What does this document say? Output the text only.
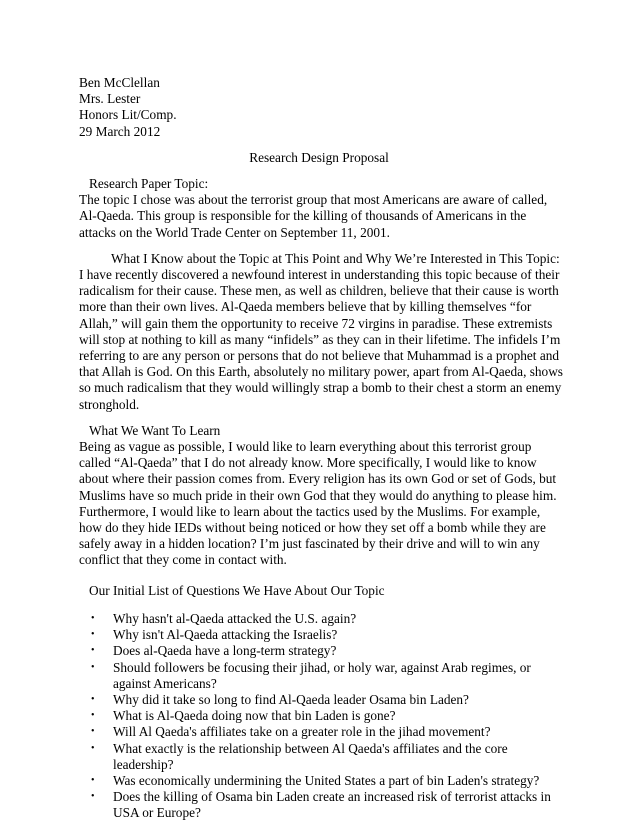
Ben McClellan
Mrs. Lester
Honors Lit/Comp.
29 March 2012
Research Design Proposal
Research Paper Topic:
The topic I chose was about the terrorist group that most Americans are aware of called, Al-Qaeda. This group is responsible for the killing of thousands of Americans in the attacks on the World Trade Center on September 11, 2001.
What I Know about the Topic at This Point and Why We’re Interested in This Topic:
I have recently discovered a newfound interest in understanding this topic because of their radicalism for their cause. These men, as well as children, believe that their cause is worth more than their own lives. Al-Qaeda members believe that by killing themselves “for Allah,” will gain them the opportunity to receive 72 virgins in paradise. These extremists will stop at nothing to kill as many “infidels” as they can in their lifetime. The infidels I’m referring to are any person or persons that do not believe that Muhammad is a prophet and that Allah is God. On this Earth, absolutely no military power, apart from Al-Qaeda, shows so much radicalism that they would willingly strap a bomb to their chest a storm an enemy stronghold.
What We Want To Learn
Being as vague as possible, I would like to learn everything about this terrorist group called “Al-Qaeda” that I do not already know. More specifically, I would like to know about where their passion comes from. Every religion has its own God or set of Gods, but Muslims have so much pride in their own God that they would do anything to please him. Furthermore, I would like to learn about the tactics used by the Muslims. For example, how do they hide IEDs without being noticed or how they set off a bomb while they are safely away in a hidden location? I’m just fascinated by their drive and will to win any conflict that they come in contact with.
Our Initial List of Questions We Have About Our Topic
• Why hasn't al-Qaeda attacked the U.S. again?
• Why isn't Al-Qaeda attacking the Israelis?
• Does al-Qaeda have a long-term strategy?
• Should followers be focusing their jihad, or holy war, against Arab regimes, or against Americans?
• Why did it take so long to find Al-Qaeda leader Osama bin Laden?
• What is Al-Qaeda doing now that bin Laden is gone?
• Will Al Qaeda's affiliates take on a greater role in the jihad movement?
• What exactly is the relationship between Al Qaeda's affiliates and the core leadership?
• Was economically undermining the United States a part of bin Laden's strategy?
• Does the killing of Osama bin Laden create an increased risk of terrorist attacks in USA or Europe?
